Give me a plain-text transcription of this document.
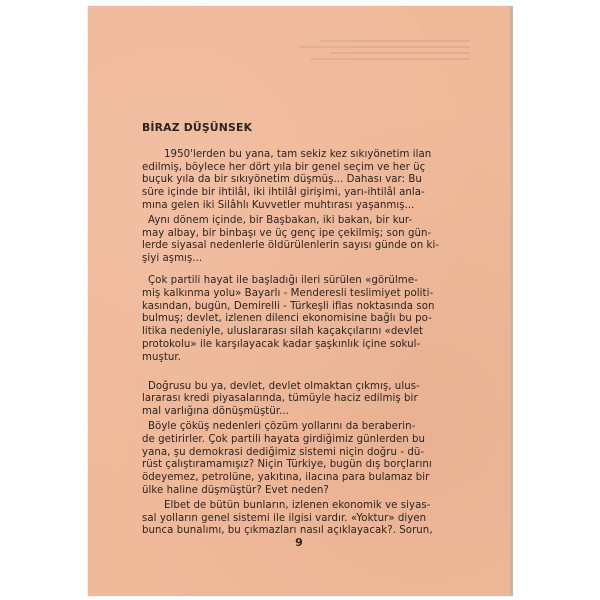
BİRAZ DÜŞÜNSEK
1950'lerden bu yana, tam sekiz kez sıkıyönetim ilan
edilmiş, böylece her dört yıla bir genel seçim ve her üç
buçuk yıla da bir sıkıyönetim düşmüş... Dahası var: Bu
süre içinde bir ihtilâl, iki ihtilâl girişimi, yarı-ihtilâl anla-
mına gelen iki Silâhlı Kuvvetler muhtırası yaşanmış...
Aynı dönem içinde, bir Başbakan, iki bakan, bir kur-
may albay, bir binbaşı ve üç genç ipe çekilmiş; son gün-
lerde siyasal nedenlerle öldürülenlerin sayısı günde on ki-
şiyi aşmış...
Çok partili hayat ile başladığı ileri sürülen «görülme-
miş kalkınma yolu» Bayarlı - Menderesli teslimiyet politi-
kasından, bugün, Demirelli - Türkeşli iflas noktasında son
bulmuş; devlet, izlenen dilenci ekonomisine bağlı bu po-
litika nedeniyle, uluslararası silah kaçakçılarını «devlet
protokolu» ile karşılayacak kadar şaşkınlık içine sokul-
muştur.
Doğrusu bu ya, devlet, devlet olmaktan çıkmış, ulus-
lararası kredi piyasalarında, tümüyle haciz edilmiş bir
mal varlığına dönüşmüştür...
Böyle çöküş nedenleri çözüm yollarını da beraberin-
de getirirler. Çok partili hayata girdiğimiz günlerden bu
yana, şu demokrasi dediğimiz sistemi niçin doğru - dü-
rüst çalıştıramamışız? Niçin Türkiye, bugün dış borçlarını
ödeyemez, petrolüne, yakıtına, ilacına para bulamaz bir
ülke haline düşmüştür? Evet neden?
Elbet de bütün bunların, izlenen ekonomik ve siyas-
sal yolların genel sistemi ile ilgisi vardır. «Yoktur» diyen
bunca bunalımı, bu çıkmazları nasıl açıklayacak?. Sorun,
9
